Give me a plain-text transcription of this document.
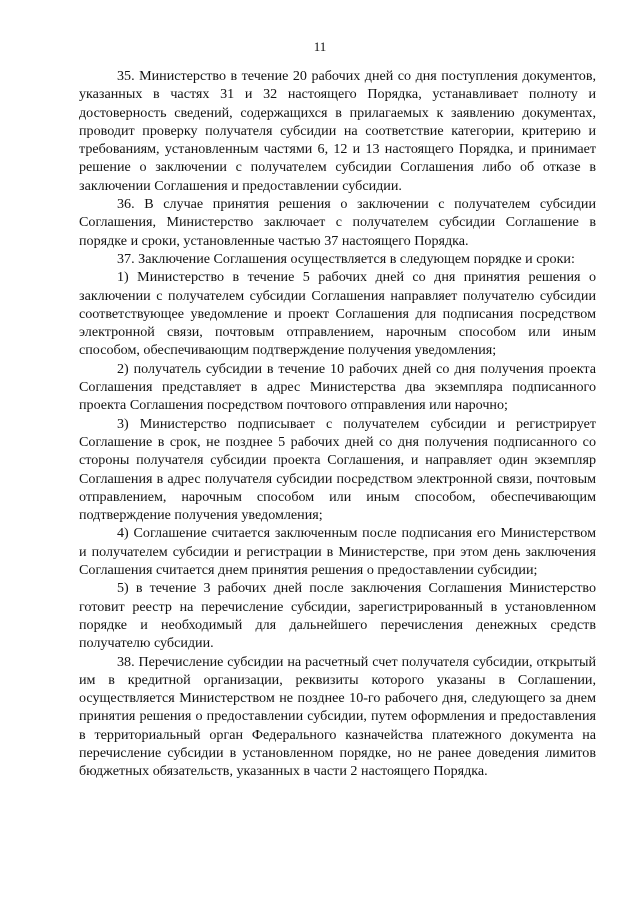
11

35. Министерство в течение 20 рабочих дней со дня поступления документов, указанных в частях 31 и 32 настоящего Порядка, устанавливает полноту и достоверность сведений, содержащихся в прилагаемых к заявлению документах, проводит проверку получателя субсидии на соответствие категории, критерию и требованиям, установленным частями 6, 12 и 13 настоящего Порядка, и принимает решение о заключении с получателем субсидии Соглашения либо об отказе в заключении Соглашения и предоставлении субсидии.

36. В случае принятия решения о заключении с получателем субсидии Соглашения, Министерство заключает с получателем субсидии Соглашение в порядке и сроки, установленные частью 37 настоящего Порядка.

37. Заключение Соглашения осуществляется в следующем порядке и сроки:

1) Министерство в течение 5 рабочих дней со дня принятия решения о заключении с получателем субсидии Соглашения направляет получателю субсидии соответствующее уведомление и проект Соглашения для подписания посредством электронной связи, почтовым отправлением, нарочным способом или иным способом, обеспечивающим подтверждение получения уведомления;

2) получатель субсидии в течение 10 рабочих дней со дня получения проекта Соглашения представляет в адрес Министерства два экземпляра подписанного проекта Соглашения посредством почтового отправления или нарочно;

3) Министерство подписывает с получателем субсидии и регистрирует Соглашение в срок, не позднее 5 рабочих дней со дня получения подписанного со стороны получателя субсидии проекта Соглашения, и направляет один экземпляр Соглашения в адрес получателя субсидии посредством электронной связи, почтовым отправлением, нарочным способом или иным способом, обеспечивающим подтверждение получения уведомления;

4) Соглашение считается заключенным после подписания его Министерством и получателем субсидии и регистрации в Министерстве, при этом день заключения Соглашения считается днем принятия решения о предоставлении субсидии;

5) в течение 3 рабочих дней после заключения Соглашения Министерство готовит реестр на перечисление субсидии, зарегистрированный в установленном порядке и необходимый для дальнейшего перечисления денежных средств получателю субсидии.

38. Перечисление субсидии на расчетный счет получателя субсидии, открытый им в кредитной организации, реквизиты которого указаны в Соглашении, осуществляется Министерством не позднее 10-го рабочего дня, следующего за днем принятия решения о предоставлении субсидии, путем оформления и предоставления в территориальный орган Федерального казначейства платежного документа на перечисление субсидии в установленном порядке, но не ранее доведения лимитов бюджетных обязательств, указанных в части 2 настоящего Порядка.
